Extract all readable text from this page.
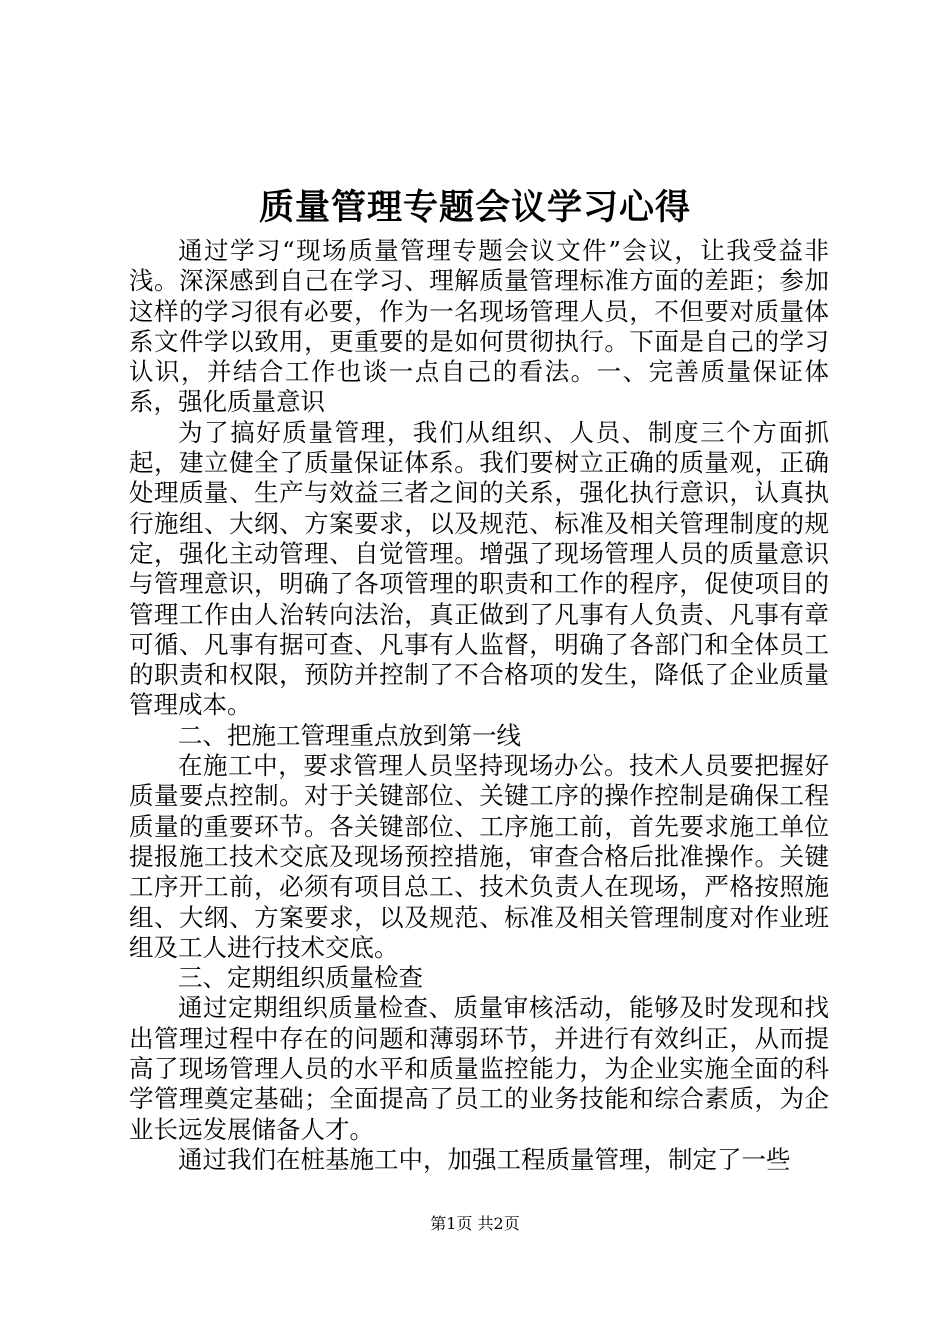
质量管理专题会议学习心得

通过学习“现场质量管理专题会议文件”会议，让我受益非浅。深深感到自己在学习、理解质量管理标准方面的差距；参加这样的学习很有必要，作为一名现场管理人员，不但要对质量体系文件学以致用，更重要的是如何贯彻执行。下面是自己的学习认识，并结合工作也谈一点自己的看法。一、完善质量保证体系，强化质量意识

为了搞好质量管理，我们从组织、人员、制度三个方面抓起，建立健全了质量保证体系。我们要树立正确的质量观，正确处理质量、生产与效益三者之间的关系，强化执行意识，认真执行施组、大纲、方案要求，以及规范、标准及相关管理制度的规定，强化主动管理、自觉管理。增强了现场管理人员的质量意识与管理意识，明确了各项管理的职责和工作的程序，促使项目的管理工作由人治转向法治，真正做到了凡事有人负责、凡事有章可循、凡事有据可查、凡事有人监督，明确了各部门和全体员工的职责和权限，预防并控制了不合格项的发生，降低了企业质量管理成本。

二、把施工管理重点放到第一线

在施工中，要求管理人员坚持现场办公。技术人员要把握好质量要点控制。对于关键部位、关键工序的操作控制是确保工程质量的重要环节。各关键部位、工序施工前，首先要求施工单位提报施工技术交底及现场预控措施，审查合格后批准操作。关键工序开工前，必须有项目总工、技术负责人在现场，严格按照施组、大纲、方案要求，以及规范、标准及相关管理制度对作业班组及工人进行技术交底。

三、定期组织质量检查

通过定期组织质量检查、质量审核活动，能够及时发现和找出管理过程中存在的问题和薄弱环节，并进行有效纠正，从而提高了现场管理人员的水平和质量监控能力，为企业实施全面的科学管理奠定基础；全面提高了员工的业务技能和综合素质，为企业长远发展储备人才。

通过我们在桩基施工中，加强工程质量管理，制定了一些

第1页 共2页
